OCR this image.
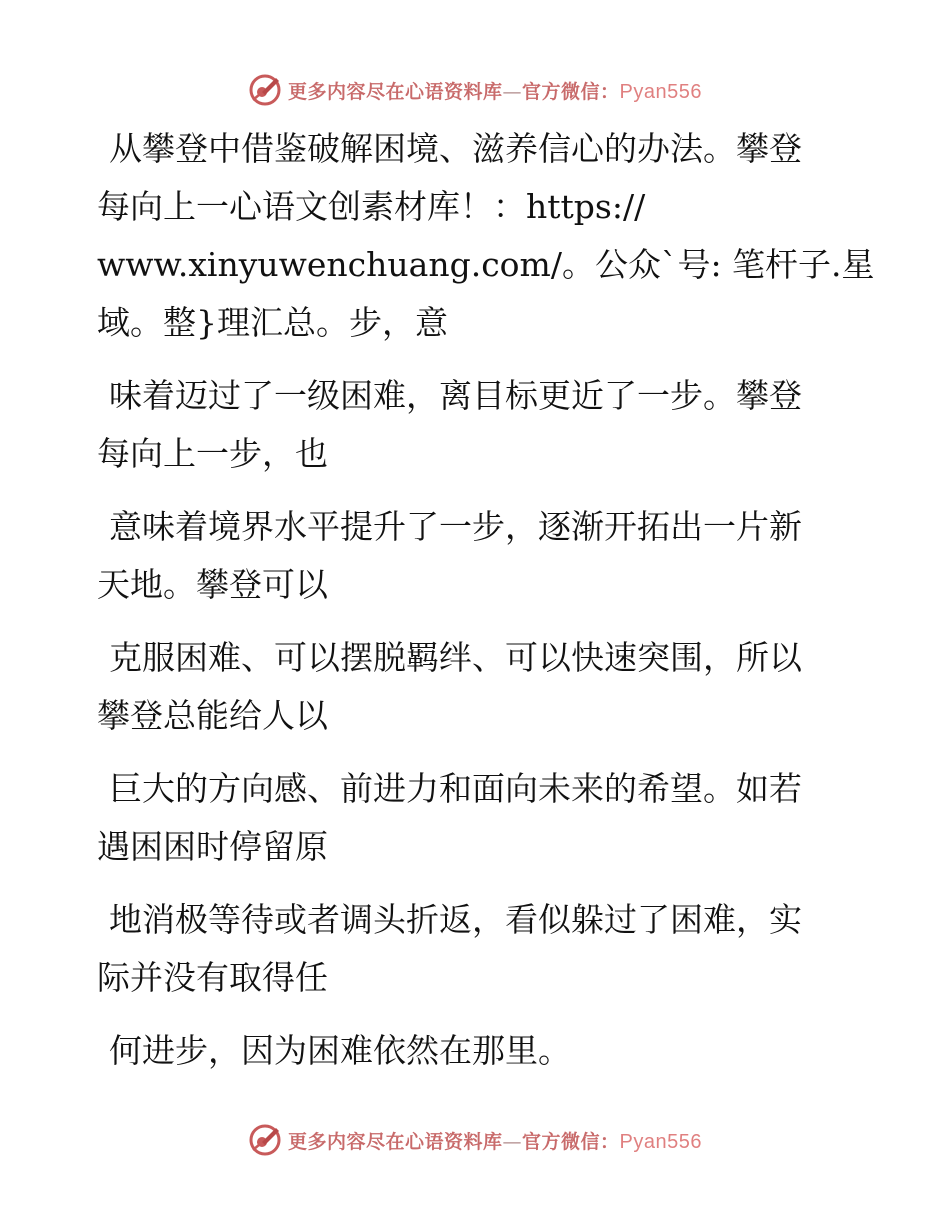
更多内容尽在心语资料库—官方微信：Pyan556

从攀登中借鉴破解困境、滋养信心的办法。攀登
每向上一心语文创素材库！：https://
www.xinyuwenchuang.com/。公众`号: 笔杆子.星
域。整}理汇总。步，意

味着迈过了一级困难，离目标更近了一步。攀登
每向上一步，也

意味着境界水平提升了一步，逐渐开拓出一片新
天地。攀登可以

克服困难、可以摆脱羁绊、可以快速突围，所以
攀登总能给人以

巨大的方向感、前进力和面向未来的希望。如若
遇困困时停留原

地消极等待或者调头折返，看似躲过了困难，实
际并没有取得任

何进步，因为困难依然在那里。

更多内容尽在心语资料库—官方微信：Pyan556
